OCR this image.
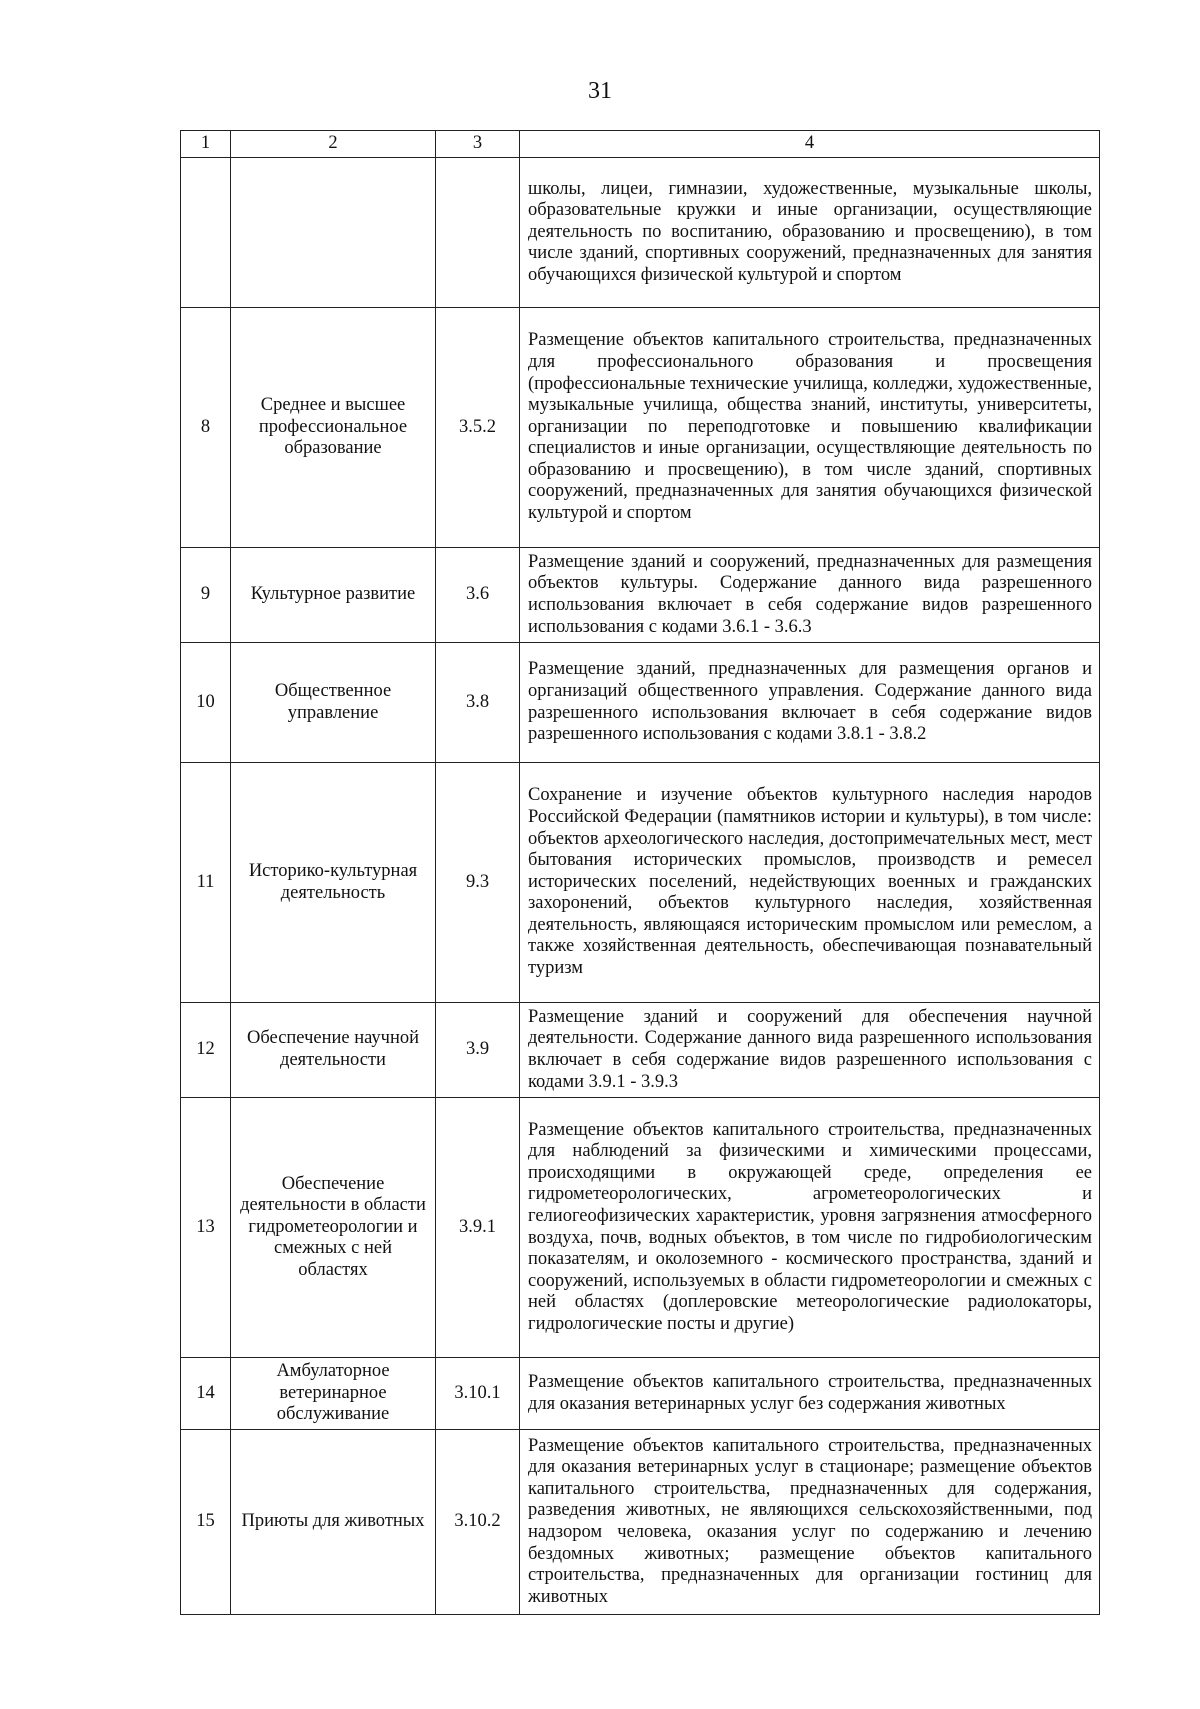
31
1	2	3	4
			школы, лицеи, гимназии, художественные, музыкальные школы, образовательные кружки и иные организации, осуществляющие деятельность по воспитанию, образованию и просвещению), в том числе зданий, спортивных сооружений, предназначенных для занятия обучающихся физической культурой и спортом
8	Среднее и высшее профессиональное образование	3.5.2	Размещение объектов капитального строительства, предназначенных для профессионального образования и просвещения (профессиональные технические училища, колледжи, художественные, музыкальные училища, общества знаний, институты, университеты, организации по переподготовке и повышению квалификации специалистов и иные организации, осуществляющие деятельность по образованию и просвещению), в том числе зданий, спортивных сооружений, предназначенных для занятия обучающихся физической культурой и спортом
9	Культурное развитие	3.6	Размещение зданий и сооружений, предназначенных для размещения объектов культуры. Содержание данного вида разрешенного использования включает в себя содержание видов разрешенного использования с кодами 3.6.1 - 3.6.3
10	Общественное управление	3.8	Размещение зданий, предназначенных для размещения органов и организаций общественного управления. Содержание данного вида разрешенного использования включает в себя содержание видов разрешенного использования с кодами 3.8.1 - 3.8.2
11	Историко-культурная деятельность	9.3	Сохранение и изучение объектов культурного наследия народов Российской Федерации (памятников истории и культуры), в том числе: объектов археологического наследия, достопримечательных мест, мест бытования исторических промыслов, производств и ремесел исторических поселений, недействующих военных и гражданских захоронений, объектов культурного наследия, хозяйственная деятельность, являющаяся историческим промыслом или ремеслом, а также хозяйственная деятельность, обеспечивающая познавательный туризм
12	Обеспечение научной деятельности	3.9	Размещение зданий и сооружений для обеспечения научной деятельности. Содержание данного вида разрешенного использования включает в себя содержание видов разрешенного использования с кодами 3.9.1 - 3.9.3
13	Обеспечение деятельности в области гидрометеорологии и смежных с ней областях	3.9.1	Размещение объектов капитального строительства, предназначенных для наблюдений за физическими и химическими процессами, происходящими в окружающей среде, определения ее гидрометеорологических, агрометеорологических и гелиогеофизических характеристик, уровня загрязнения атмосферного воздуха, почв, водных объектов, в том числе по гидробиологическим показателям, и околоземного - космического пространства, зданий и сооружений, используемых в области гидрометеорологии и смежных с ней областях (доплеровские метеорологические радиолокаторы, гидрологические посты и другие)
14	Амбулаторное ветеринарное обслуживание	3.10.1	Размещение объектов капитального строительства, предназначенных для оказания ветеринарных услуг без содержания животных
15	Приюты для животных	3.10.2	Размещение объектов капитального строительства, предназначенных для оказания ветеринарных услуг в стационаре; размещение объектов капитального строительства, предназначенных для содержания, разведения животных, не являющихся сельскохозяйственными, под надзором человека, оказания услуг по содержанию и лечению бездомных животных; размещение объектов капитального строительства, предназначенных для организации гостиниц для животных
